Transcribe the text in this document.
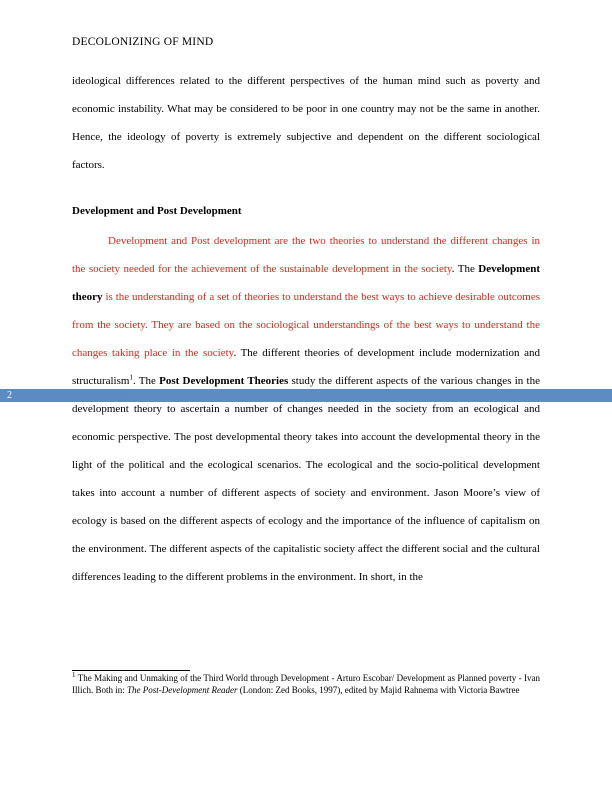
DECOLONIZING OF MIND

ideological differences related to the different perspectives of the human mind such as poverty and economic instability. What may be considered to be poor in one country may not be the same in another. Hence, the ideology of poverty is extremely subjective and dependent on the different sociological factors.

Development and Post Development

Development and Post development are the two theories to understand the different changes in the society needed for the achievement of the sustainable development in the society. The Development theory is the understanding of a set of theories to understand the best ways to achieve desirable outcomes from the society. They are based on the sociological understandings of the best ways to understand the changes taking place in the society. The different theories of development include modernization and structuralism$^1$. The Post Development Theories study the different aspects of the various changes in the development theory to ascertain a number of changes needed in the society from an ecological and economic perspective. The post developmental theory takes into account the developmental theory in the light of the political and the ecological scenarios. The ecological and the socio-political development takes into account a number of different aspects of society and environment. Jason Moore’s view of ecology is based on the different aspects of ecology and the importance of the influence of capitalism on the environment. The different aspects of the capitalistic society affect the different social and the cultural differences leading to the different problems in the environment. In short, in the

2
$^1$ The Making and Unmaking of the Third World through Development - Arturo Escobar/ Development as Planned poverty - Ivan Illich. Both in: The Post-Development Reader (London: Zed Books, 1997), edited by Majid Rahnema with Victoria Bawtree
